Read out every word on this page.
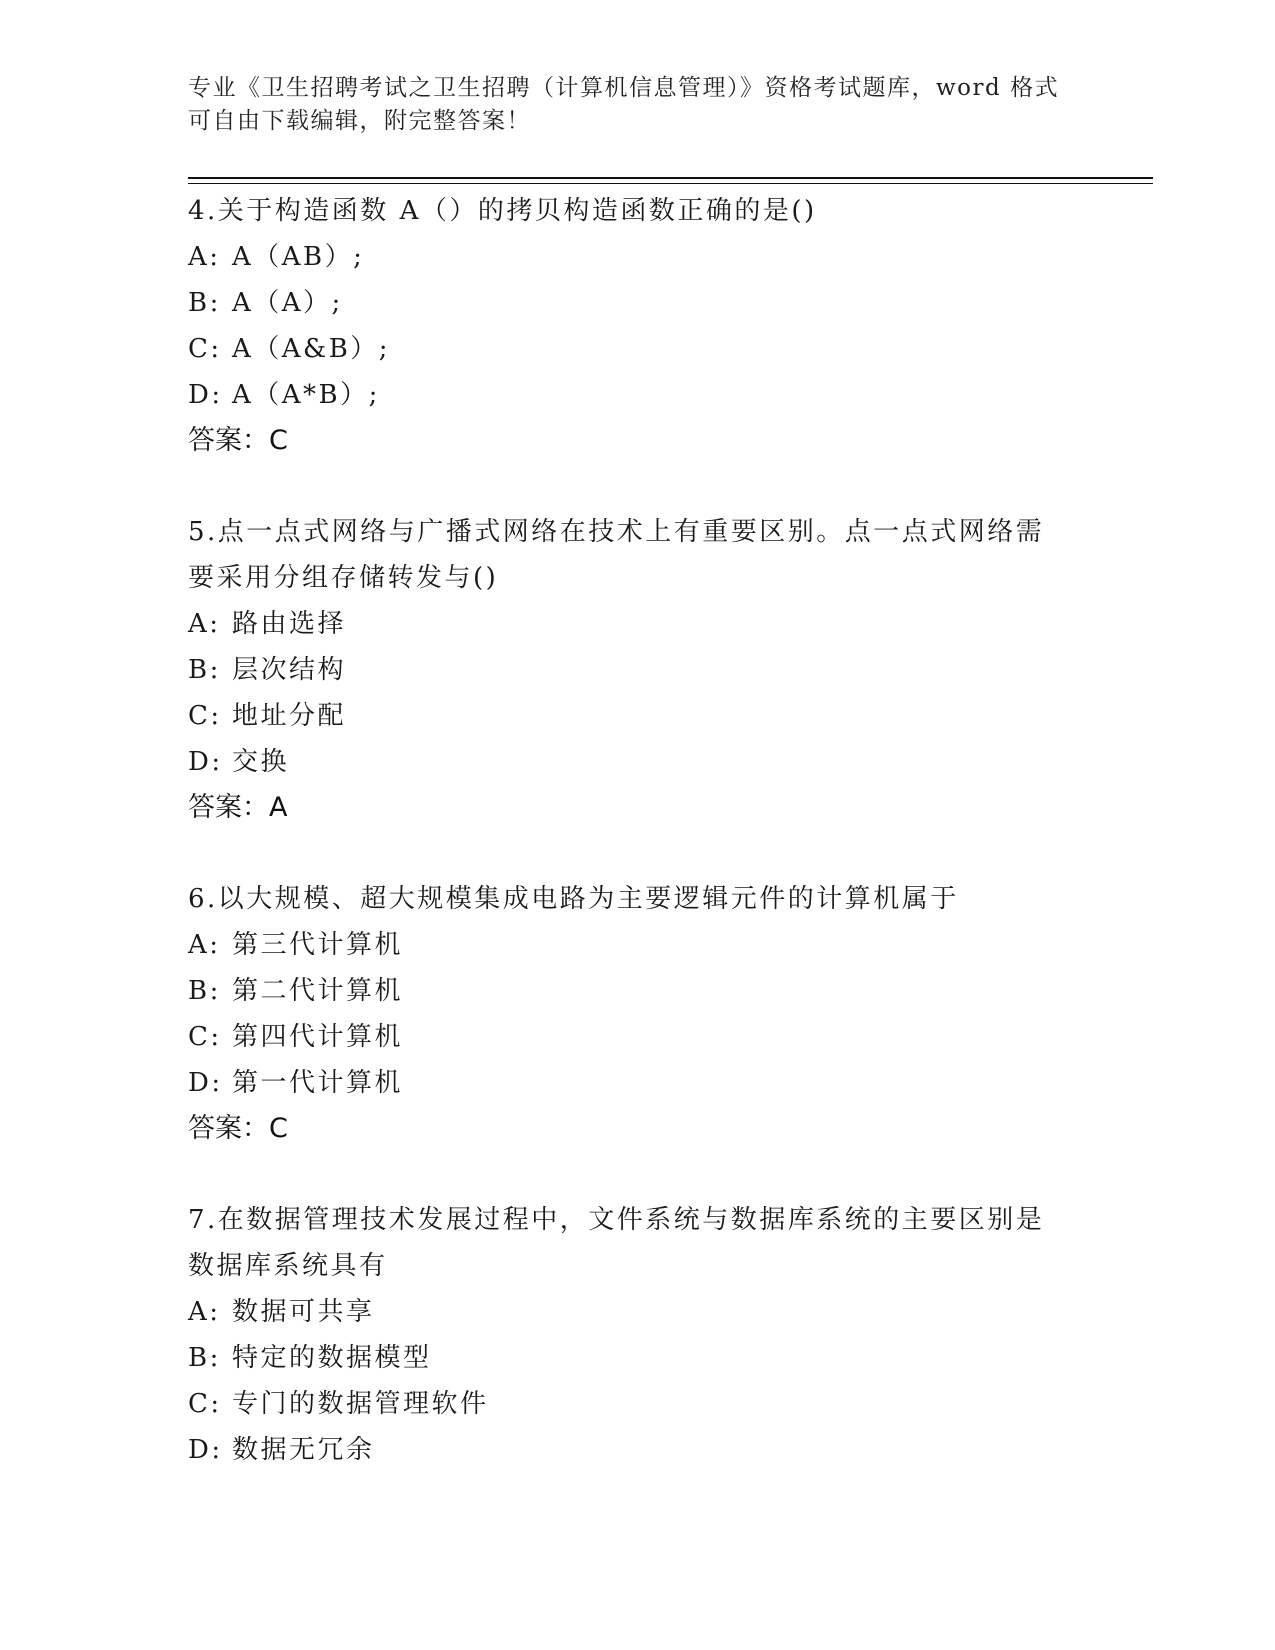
专业《卫生招聘考试之卫生招聘（计算机信息管理）》资格考试题库，word 格式
可自由下载编辑，附完整答案！
4.关于构造函数 A（）的拷贝构造函数正确的是()
A: A（AB）;
B: A（A）;
C: A（A&B）;
D: A（A*B）;
答案：C
5.点一点式网络与广播式网络在技术上有重要区别。点一点式网络需
要采用分组存储转发与()
A: 路由选择
B: 层次结构
C: 地址分配
D: 交换
答案：A
6.以大规模、超大规模集成电路为主要逻辑元件的计算机属于
A: 第三代计算机
B: 第二代计算机
C: 第四代计算机
D: 第一代计算机
答案：C
7.在数据管理技术发展过程中，文件系统与数据库系统的主要区别是
数据库系统具有
A: 数据可共享
B: 特定的数据模型
C: 专门的数据管理软件
D: 数据无冗余
